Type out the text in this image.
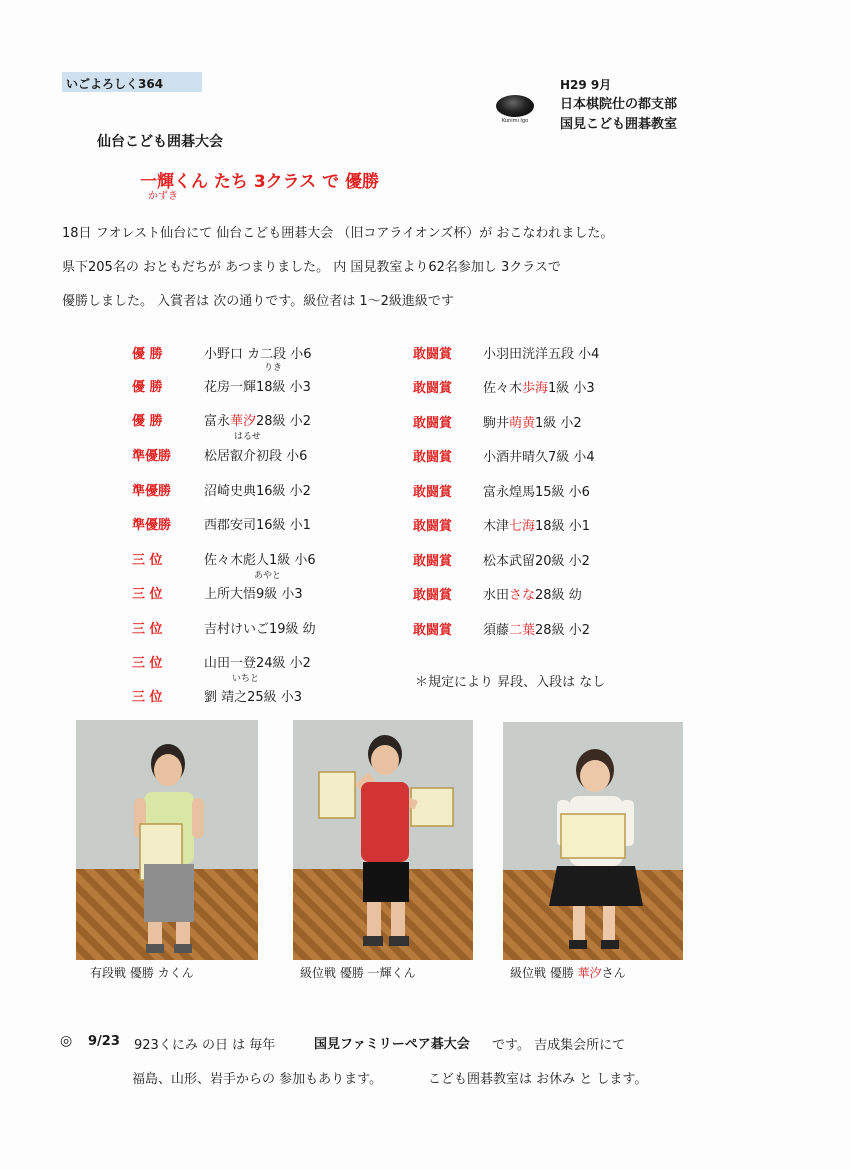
いごよろしく364
Kunimi Igo
H29 9月
日本棋院仕の都支部
国見こども囲碁教室
仙台こども囲碁大会
一輝くん たち 3クラス で 優勝
かずき
18日 フオレスト仙台にて 仙台こども囲碁大会 （旧コアライオンズ杯）が おこなわれました。
県下205名の おともだちが あつまりました。 内 国見教室より62名参加し 3クラスで
優勝しました。 入賞者は 次の通りです。級位者は 1～2級進級です
優 勝	小野口 カ二段 小6
りき
優 勝	花房一輝18級 小3
優 勝	富永華汐28級 小2
はるせ
準優勝	松居叡介初段 小6
準優勝	沼崎史典16級 小2
準優勝	西郡安司16級 小1
三 位	佐々木彪人1級 小6
あやと
三 位	上所大悟9級 小3
三 位	吉村けいご19級 幼
三 位	山田一登24級 小2
いちと
三 位	劉 靖之25級 小3
敢闘賞 小羽田洸洋五段 小4
敢闘賞 佐々木歩海1級 小3
敢闘賞 駒井萌黄1級 小2
敢闘賞 小酒井晴久7級 小4
敢闘賞 富永煌馬15級 小6
敢闘賞 木津七海18級 小1
敢闘賞 松本武留20級 小2
敢闘賞 水田さな28級 幼
敢闘賞 須藤二葉28級 小2
＊規定により 昇段、入段は なし
有段戦 優勝 カくん	級位戦 優勝 一輝くん	級位戦 優勝 華汐さん
◎ 9/23 923くにみ の日 は 毎年	国見ファミリーペア碁大会 です。 吉成集会所にて
福島、山形、岩手からの 参加もあります。	こども囲碁教室は お休み と します。
